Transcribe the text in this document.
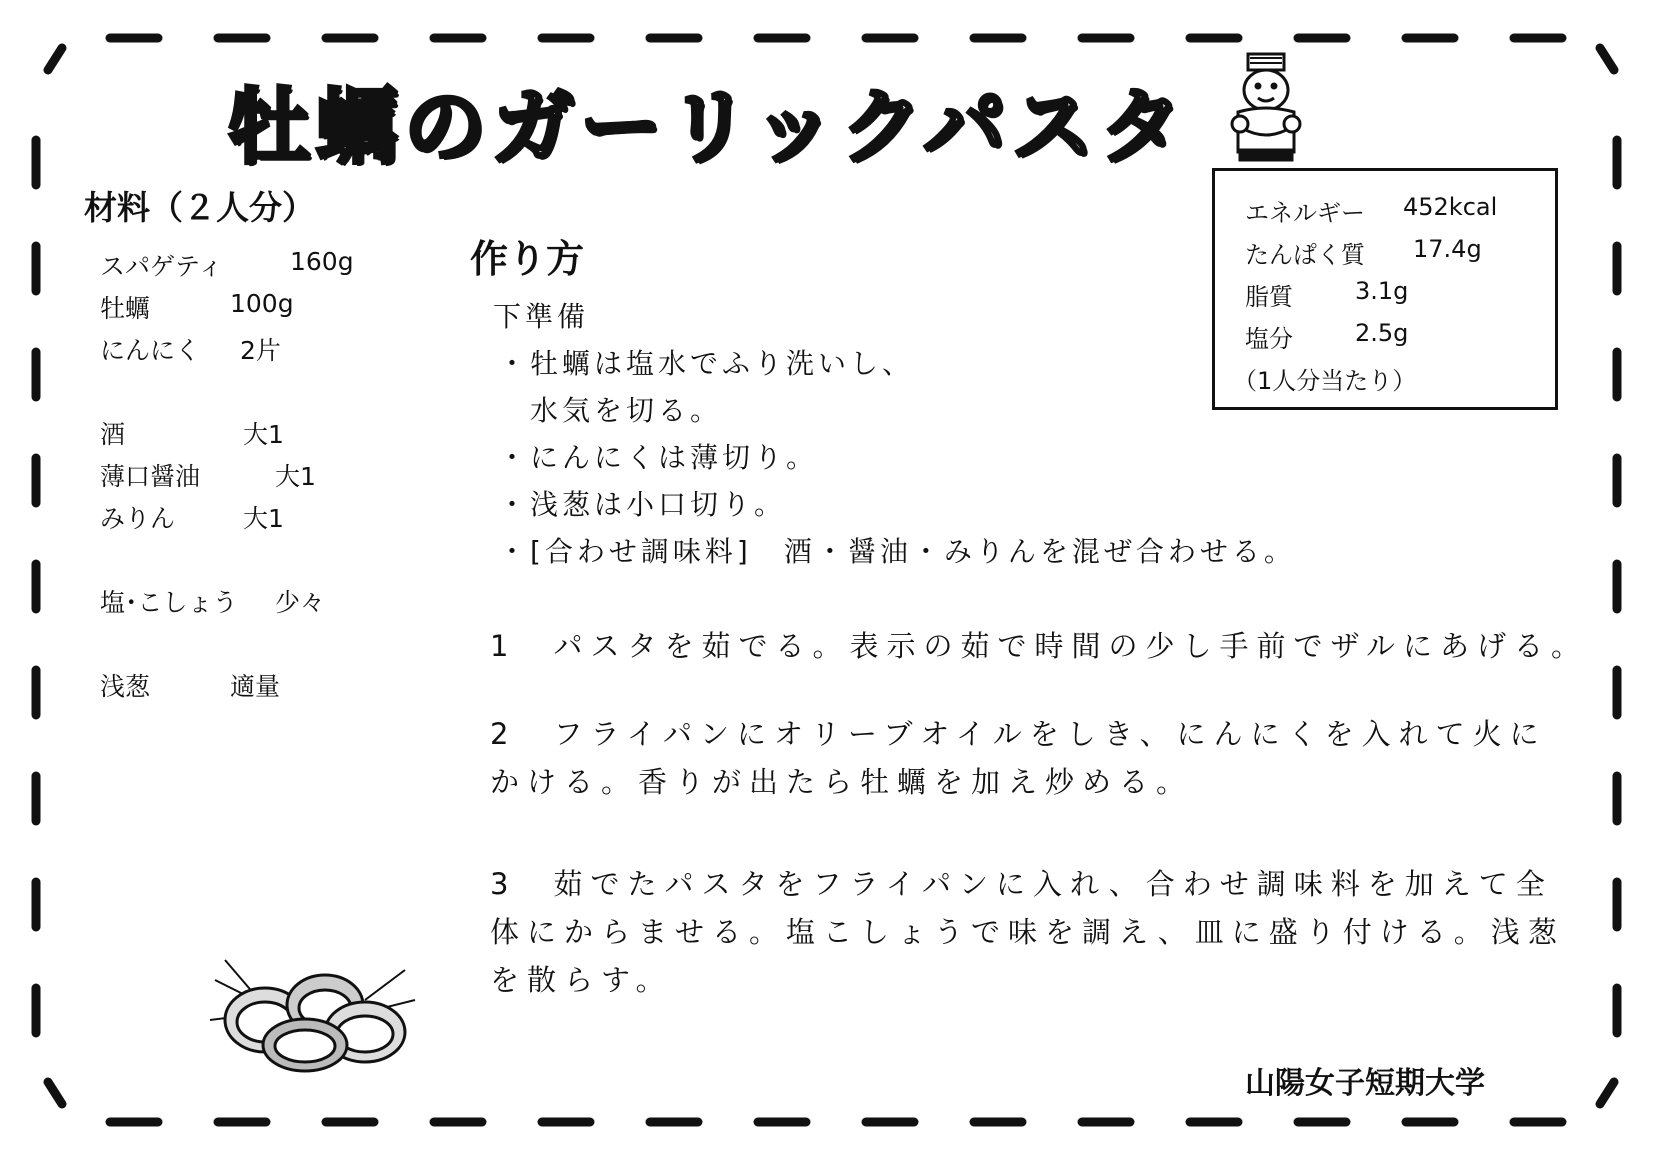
牡蠣のガーリックパスタ
材料（２人分）
スパゲティ	160g
牡蠣	100g
にんにく 2片
酒	大1
薄口醤油	大1
みりん	大1
塩･こしょう 少々
浅葱	適量
作り方
下準備
・牡蠣は塩水でふり洗いし、
　水気を切る。
・にんにくは薄切り。
・浅葱は小口切り。
・[合わせ調味料]　酒・醤油・みりんを混ぜ合わせる。
1　パスタを茹でる。表示の茹で時間の少し手前でザルにあげる。
2　フライパンにオリーブオイルをしき、にんにくを入れて火に
かける。香りが出たら牡蠣を加え炒める。
3　茹でたパスタをフライパンに入れ、合わせ調味料を加えて全
体にからませる。塩こしょうで味を調え、皿に盛り付ける。浅葱
を散らす。
エネルギー 452kcal
たんぱく質 17.4g
脂質	3.1g
塩分	2.5g
（1人分当たり）
山陽女子短期大学
